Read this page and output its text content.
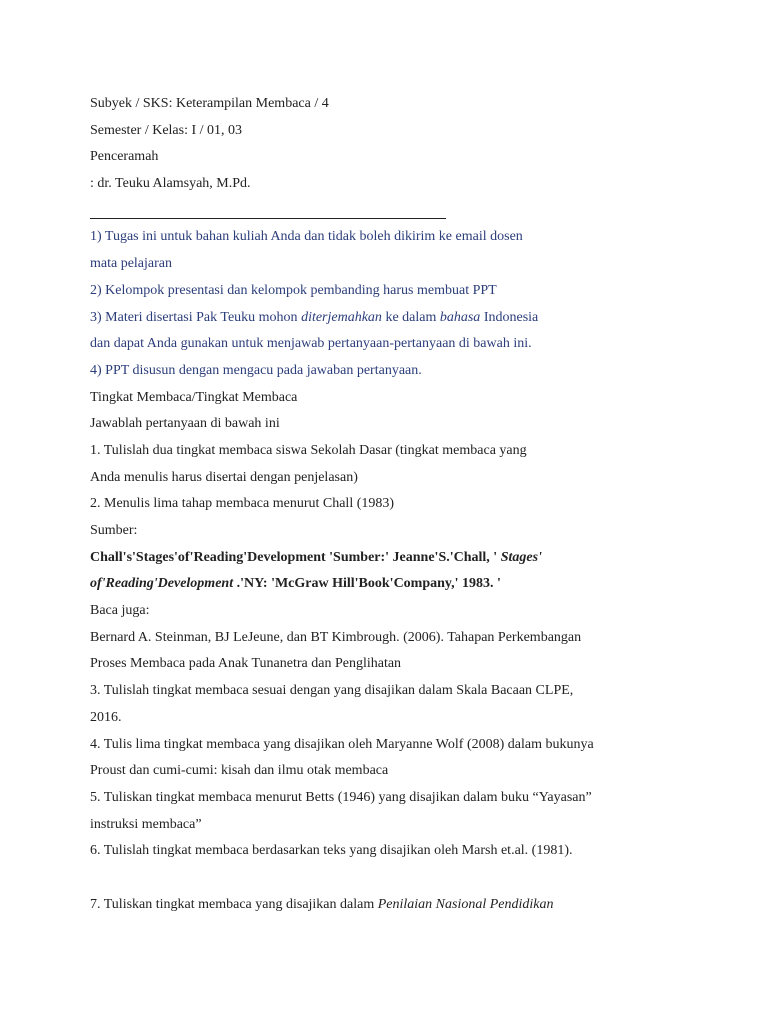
Subyek / SKS: Keterampilan Membaca / 4
Semester / Kelas: I / 01, 03
Penceramah
: dr. Teuku Alamsyah, M.Pd.
1) Tugas ini untuk bahan kuliah Anda dan tidak boleh dikirim ke email dosen
mata pelajaran
2) Kelompok presentasi dan kelompok pembanding harus membuat PPT
3) Materi disertasi Pak Teuku mohon diterjemahkan ke dalam bahasa Indonesia
dan dapat Anda gunakan untuk menjawab pertanyaan-pertanyaan di bawah ini.
4) PPT disusun dengan mengacu pada jawaban pertanyaan.
Tingkat Membaca/Tingkat Membaca
Jawablah pertanyaan di bawah ini
1. Tulislah dua tingkat membaca siswa Sekolah Dasar (tingkat membaca yang
Anda menulis harus disertai dengan penjelasan)
2. Menulis lima tahap membaca menurut Chall (1983)
Sumber:
Chall's'Stages'of'Reading'Development 'Sumber:' Jeanne'S.'Chall, ' Stages'
of'Reading'Development .'NY: 'McGraw Hill'Book'Company,' 1983. '
Baca juga:
Bernard A. Steinman, BJ LeJeune, dan BT Kimbrough. (2006). Tahapan Perkembangan
Proses Membaca pada Anak Tunanetra dan Penglihatan
3. Tulislah tingkat membaca sesuai dengan yang disajikan dalam Skala Bacaan CLPE,
2016.
4. Tulis lima tingkat membaca yang disajikan oleh Maryanne Wolf (2008) dalam bukunya
Proust dan cumi-cumi: kisah dan ilmu otak membaca
5. Tuliskan tingkat membaca menurut Betts (1946) yang disajikan dalam buku “Yayasan”
instruksi membaca”
6. Tulislah tingkat membaca berdasarkan teks yang disajikan oleh Marsh et.al. (1981).
7. Tuliskan tingkat membaca yang disajikan dalam Penilaian Nasional Pendidikan
